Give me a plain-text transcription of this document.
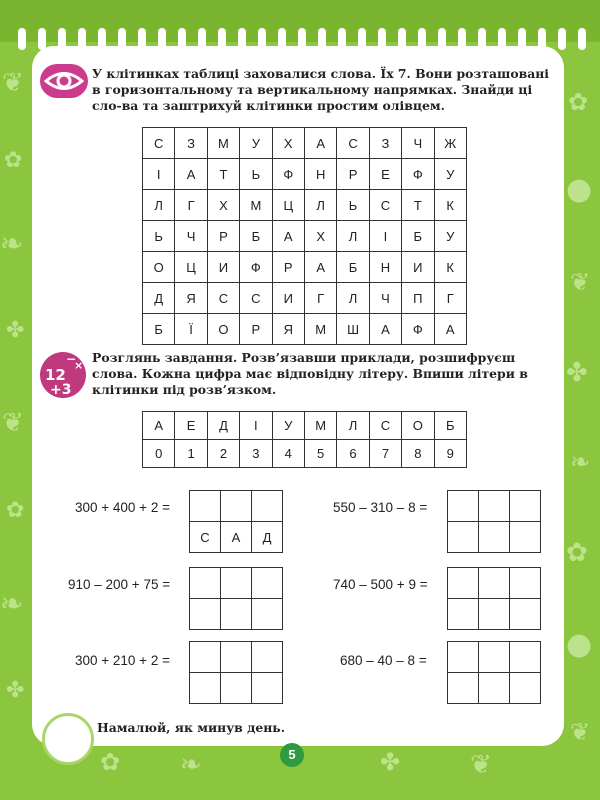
❦
✿
❧
✤
❦
✿
❧
✤
✿
●
❦
✤
❧
✿
●
❦
✿ ❧	✤	❦
У клітинках таблиці заховалися слова. Їх 7. Вони розташовані в горизонтальному та вертикальному напрямках. Знайди ці сло-ва та заштрихуй клітинки простим олівцем.
С	З	М	У	Х	А	С	З	Ч	Ж
І	А	Т	Ь	Ф	Н	Р	Е	Ф	У
Л	Г	Х	М	Ц	Л	Ь	С	Т	К
Ь	Ч	Р	Б	А	Х	Л	І	Б	У
О	Ц	И	Ф	Р	А	Б	Н	И	К
Д	Я	С	С	И	Г	Л	Ч	П	Г
Б	Ї	О	Р	Я	М	Ш	А	Ф	А
−
×
12
+3
Розглянь завдання. Розв’язавши приклади, розшифруєш слова. Кожна цифра має відповідну літеру. Впиши літери в клітинки під розв’язком.
А	Е	Д	І	У	М	Л	С	О	Б
0	1	2	3	4	5	6	7	8	9
300 + 400 + 2 =

С	А	Д
550 – 310 – 8 =

910 – 200 + 75 =

			740 – 500 + 9 =

300 + 210 + 2 =

			680 – 40 – 8 =

Намалюй, як минув день.
5
